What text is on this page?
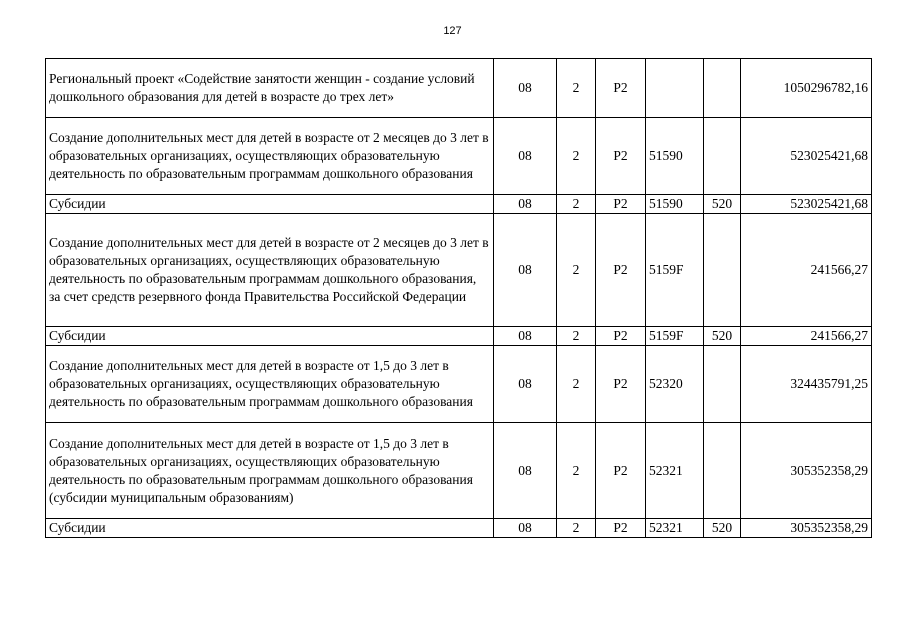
127
Региональный проект «Содействие занятости женщин - создание условий дошкольного образования для детей в возрасте до трех лет»	08	2	P2			1050296782,16
Создание дополнительных мест для детей в возрасте от 2 месяцев до 3 лет в образовательных организациях, осуществляющих образовательную деятельность по образовательным программам дошкольного образования	08	2	P2	51590		523025421,68
Субсидии	08	2	P2	51590	520	523025421,68
Создание дополнительных мест для детей в возрасте от 2 месяцев до 3 лет в образовательных организациях, осуществляющих образовательную деятельность по образовательным программам дошкольного образования, за счет средств резервного фонда Правительства Российской Федерации	08	2	P2	5159F		241566,27
Субсидии	08	2	P2	5159F	520	241566,27
Создание дополнительных мест для детей в возрасте от 1,5 до 3 лет в образовательных организациях, осуществляющих образовательную деятельность по образовательным программам дошкольного образования	08	2	P2	52320		324435791,25
Создание дополнительных мест для детей в возрасте от 1,5 до 3 лет в образовательных организациях, осуществляющих образовательную деятельность по образовательным программам дошкольного образования (субсидии муниципальным образованиям)	08	2	P2	52321		305352358,29
Субсидии	08	2	P2	52321	520	305352358,29
